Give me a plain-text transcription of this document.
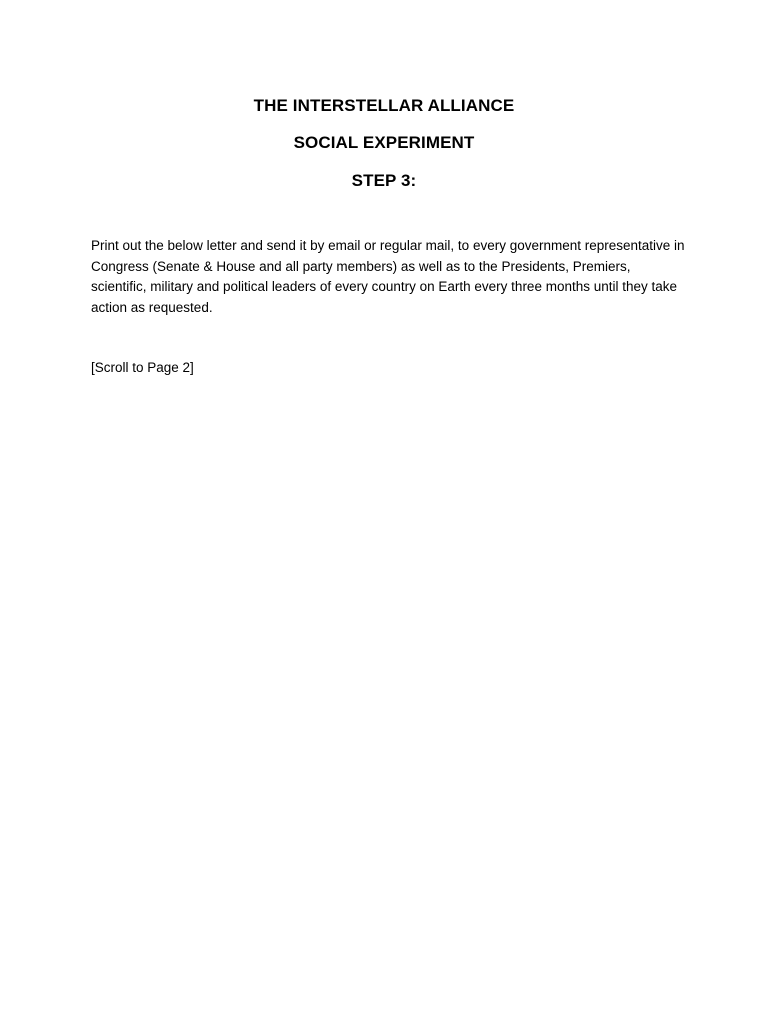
THE INTERSTELLAR ALLIANCE
SOCIAL EXPERIMENT
STEP 3:

Print out the below letter and send it by email or regular mail, to every government representative in Congress (Senate & House and all party members) as well as to the Presidents, Premiers, scientific, military and political leaders of every country on Earth every three months until they take action as requested.

[Scroll to Page 2]
